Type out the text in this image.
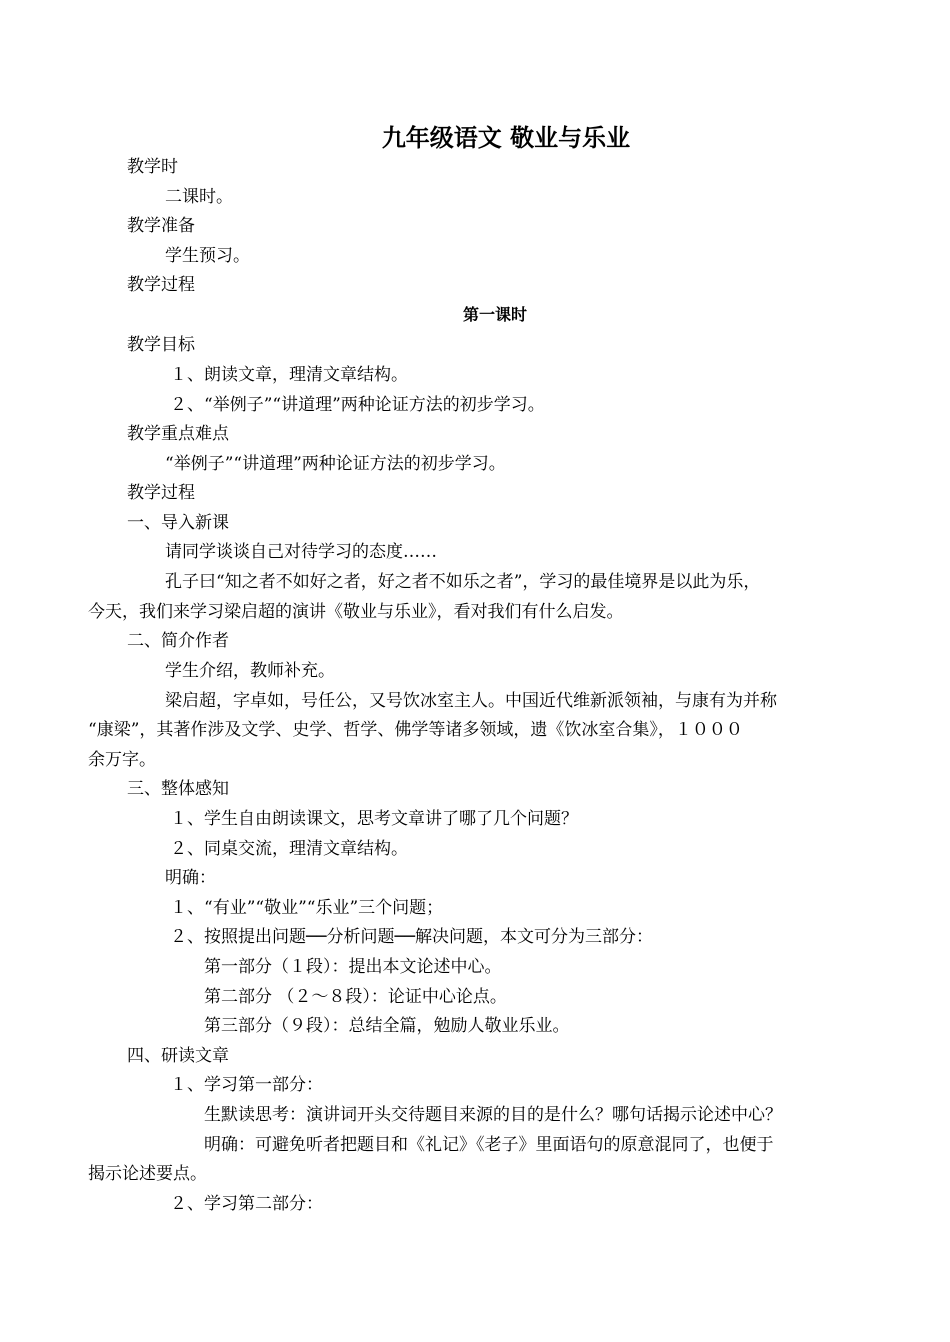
九年级语文 敬业与乐业
教学时
二课时。
教学准备
学生预习。
教学过程
第一课时
教学目标
１、朗读文章，理清文章结构。
２、“举例子”“讲道理”两种论证方法的初步学习。
教学重点难点
“举例子”“讲道理”两种论证方法的初步学习。
教学过程
一、导入新课
请同学谈谈自己对待学习的态度……
孔子曰“知之者不如好之者，好之者不如乐之者”，学习的最佳境界是以此为乐，
今天，我们来学习梁启超的演讲《敬业与乐业》，看对我们有什么启发。
二、简介作者
学生介绍，教师补充。
梁启超，字卓如，号任公，又号饮冰室主人。中国近代维新派领袖，与康有为并称
“康梁”，其著作涉及文学、史学、哲学、佛学等诸多领域，遗《饮冰室合集》，１０００
余万字。
三、整体感知
１、学生自由朗读课文，思考文章讲了哪了几个问题？
２、同桌交流，理清文章结构。
明确：
１、“有业”“敬业”“乐业”三个问题；
２、按照提出问题──分析问题──解决问题，本文可分为三部分：
第一部分（１段）：提出本文论述中心。
第二部分 （２～８段）：论证中心论点。
第三部分（９段）：总结全篇，勉励人敬业乐业。
四、研读文章
１、学习第一部分：
生默读思考：演讲词开头交待题目来源的目的是什么？哪句话揭示论述中心？
明确：可避免听者把题目和《礼记》《老子》里面语句的原意混同了，也便于
揭示论述要点。
２、学习第二部分：
